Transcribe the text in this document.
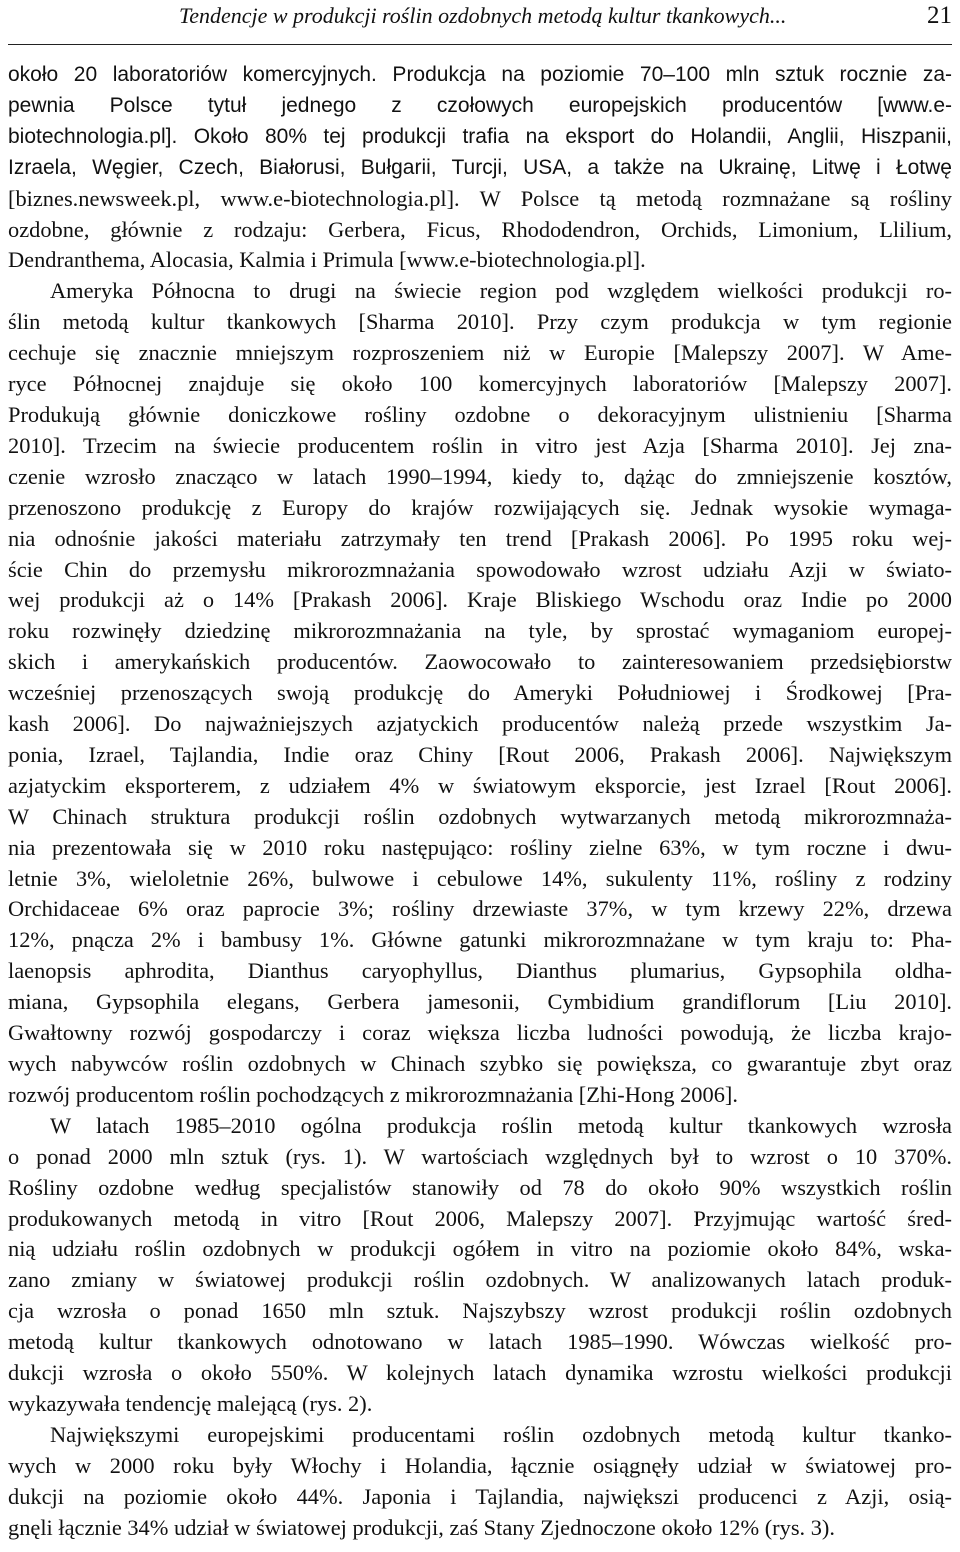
Tendencje w produkcji roślin ozdobnych metodą kultur tkankowych...	21
około 20 laboratoriów komercyjnych. Produkcja na poziomie 70–100 mln sztuk rocznie za-
pewnia Polsce tytuł jednego z czołowych europejskich producentów [www.e-
biotechnologia.pl]. Około 80% tej produkcji trafia na eksport do Holandii, Anglii, Hiszpanii,
Izraela, Węgier, Czech, Białorusi, Bułgarii, Turcji, USA, a także na Ukrainę, Litwę i Łotwę
[biznes.newsweek.pl, www.e-biotechnologia.pl]. W Polsce tą metodą rozmnażane są rośliny
ozdobne, głównie z rodzaju: Gerbera, Ficus, Rhododendron, Orchids, Limonium, Llilium,
Dendranthema, Alocasia, Kalmia i Primula [www.e-biotechnologia.pl].
Ameryka Północna to drugi na świecie region pod względem wielkości produkcji ro-
ślin metodą kultur tkankowych [Sharma 2010]. Przy czym produkcja w tym regionie
cechuje się znacznie mniejszym rozproszeniem niż w Europie [Malepszy 2007]. W Ame-
ryce Północnej znajduje się około 100 komercyjnych laboratoriów [Malepszy 2007].
Produkują głównie doniczkowe rośliny ozdobne o dekoracyjnym ulistnieniu [Sharma
2010]. Trzecim na świecie producentem roślin in vitro jest Azja [Sharma 2010]. Jej zna-
czenie wzrosło znacząco w latach 1990–1994, kiedy to, dążąc do zmniejszenie kosztów,
przenoszono produkcję z Europy do krajów rozwijających się. Jednak wysokie wymaga-
nia odnośnie jakości materiału zatrzymały ten trend [Prakash 2006]. Po 1995 roku wej-
ście Chin do przemysłu mikrorozmnażania spowodowało wzrost udziału Azji w świato-
wej produkcji aż o 14% [Prakash 2006]. Kraje Bliskiego Wschodu oraz Indie po 2000
roku rozwinęły dziedzinę mikrorozmnażania na tyle, by sprostać wymaganiom europej-
skich i amerykańskich producentów. Zaowocowało to zainteresowaniem przedsiębiorstw
wcześniej przenoszących swoją produkcję do Ameryki Południowej i Środkowej [Pra-
kash 2006]. Do najważniejszych azjatyckich producentów należą przede wszystkim Ja-
ponia, Izrael, Tajlandia, Indie oraz Chiny [Rout 2006, Prakash 2006]. Największym
azjatyckim eksporterem, z udziałem 4% w światowym eksporcie, jest Izrael [Rout 2006].
W Chinach struktura produkcji roślin ozdobnych wytwarzanych metodą mikrorozmnaża-
nia prezentowała się w 2010 roku następująco: rośliny zielne 63%, w tym roczne i dwu-
letnie 3%, wieloletnie 26%, bulwowe i cebulowe 14%, sukulenty 11%, rośliny z rodziny
Orchidaceae 6% oraz paprocie 3%; rośliny drzewiaste 37%, w tym krzewy 22%, drzewa
12%, pnącza 2% i bambusy 1%. Główne gatunki mikrorozmnażane w tym kraju to: Pha-
laenopsis aphrodita, Dianthus caryophyllus, Dianthus plumarius, Gypsophila oldha-
miana, Gypsophila elegans, Gerbera jamesonii, Cymbidium grandiflorum [Liu 2010].
Gwałtowny rozwój gospodarczy i coraz większa liczba ludności powodują, że liczba krajo-
wych nabywców roślin ozdobnych w Chinach szybko się powiększa, co gwarantuje zbyt oraz
rozwój producentom roślin pochodzących z mikrorozmnażania [Zhi-Hong 2006].
W latach 1985–2010 ogólna produkcja roślin metodą kultur tkankowych wzrosła
o ponad 2000 mln sztuk (rys. 1). W wartościach względnych był to wzrost o 10 370%.
Rośliny ozdobne według specjalistów stanowiły od 78 do około 90% wszystkich roślin
produkowanych metodą in vitro [Rout 2006, Malepszy 2007]. Przyjmując wartość śred-
nią udziału roślin ozdobnych w produkcji ogółem in vitro na poziomie około 84%, wska-
zano zmiany w światowej produkcji roślin ozdobnych. W analizowanych latach produk-
cja wzrosła o ponad 1650 mln sztuk. Najszybszy wzrost produkcji roślin ozdobnych
metodą kultur tkankowych odnotowano w latach 1985–1990. Wówczas wielkość pro-
dukcji wzrosła o około 550%. W kolejnych latach dynamika wzrostu wielkości produkcji
wykazywała tendencję malejącą (rys. 2).
Największymi europejskimi producentami roślin ozdobnych metodą kultur tkanko-
wych w 2000 roku były Włochy i Holandia, łącznie osiągnęły udział w światowej pro-
dukcji na poziomie około 44%. Japonia i Tajlandia, największi producenci z Azji, osią-
gnęli łącznie 34% udział w światowej produkcji, zaś Stany Zjednoczone około 12% (rys. 3).
